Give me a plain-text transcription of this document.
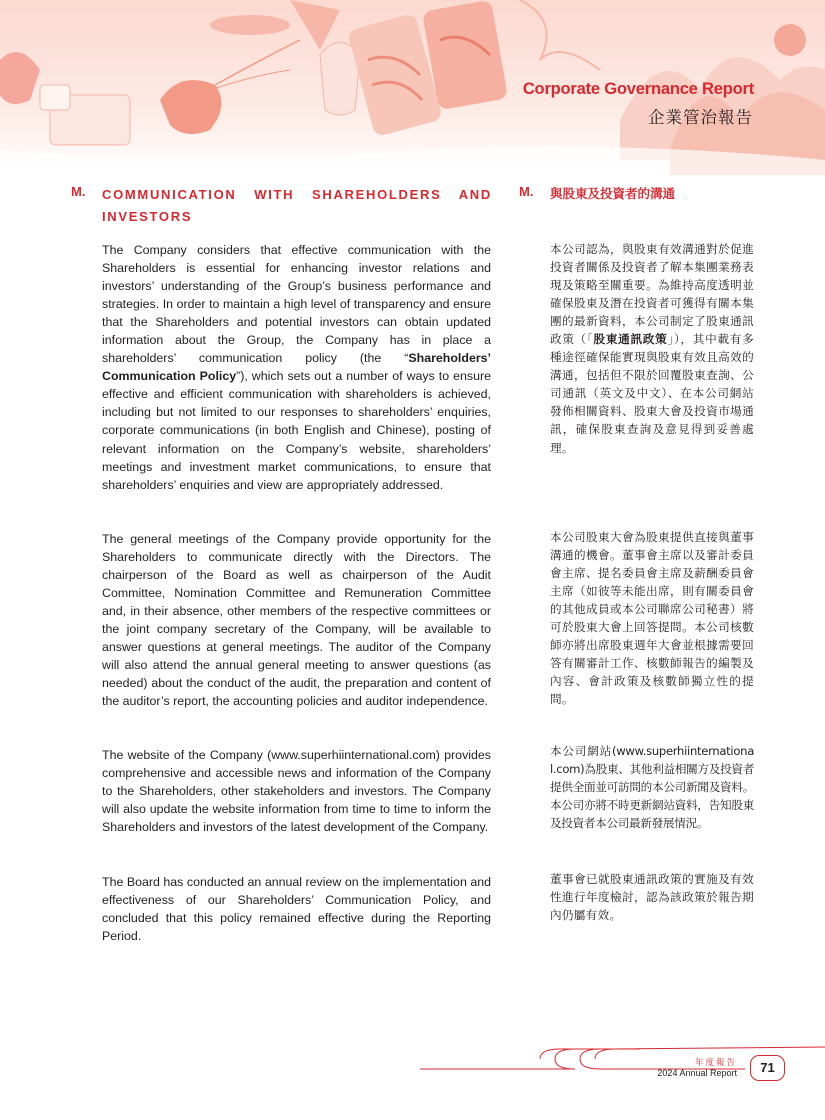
Corporate Governance Report
企業管治報告
M. COMMUNICATION WITH SHAREHOLDERS AND INVESTORS
M. 與股東及投資者的溝通
The Company considers that effective communication with the Shareholders is essential for enhancing investor relations and investors’ understanding of the Group’s business performance and strategies. In order to maintain a high level of transparency and ensure that the Shareholders and potential investors can obtain updated information about the Group, the Company has in place a shareholders’ communication policy (the “Shareholders’ Communication Policy”), which sets out a number of ways to ensure effective and efficient communication with shareholders is achieved, including but not limited to our responses to shareholders’ enquiries, corporate communications (in both English and Chinese), posting of relevant information on the Company’s website, shareholders’ meetings and investment market communications, to ensure that shareholders’ enquiries and view are appropriately addressed.
The general meetings of the Company provide opportunity for the Shareholders to communicate directly with the Directors. The chairperson of the Board as well as chairperson of the Audit Committee, Nomination Committee and Remuneration Committee and, in their absence, other members of the respective committees or the joint company secretary of the Company, will be available to answer questions at general meetings. The auditor of the Company will also attend the annual general meeting to answer questions (as needed) about the conduct of the audit, the preparation and content of the auditor’s report, the accounting policies and auditor independence.
The website of the Company (www.superhiinternational.com) provides comprehensive and accessible news and information of the Company to the Shareholders, other stakeholders and investors. The Company will also update the website information from time to time to inform the Shareholders and investors of the latest development of the Company.
The Board has conducted an annual review on the implementation and effectiveness of our Shareholders’ Communication Policy, and concluded that this policy remained effective during the Reporting Period.
本公司認為，與股東有效溝通對於促進投資者關係及投資者了解本集團業務表現及策略至關重要。為維持高度透明並確保股東及潛在投資者可獲得有關本集團的最新資料，本公司制定了股東通訊政策（「股東通訊政策」），其中載有多種途徑確保能實現與股東有效且高效的溝通，包括但不限於回覆股東查詢、公司通訊（英文及中文）、在本公司網站發佈相關資料、股東大會及投資市場通訊，確保股東查詢及意見得到妥善處理。
本公司股東大會為股東提供直接與董事溝通的機會。董事會主席以及審計委員會主席、提名委員會主席及薪酬委員會主席（如彼等未能出席，則有關委員會的其他成員或本公司聯席公司秘書）將可於股東大會上回答提問。本公司核數師亦將出席股東週年大會並根據需要回答有關審計工作、核數師報告的編製及內容、會計政策及核數師獨立性的提問。
本公司網站(www.superhiinternational.com)為股東、其他利益相關方及投資者提供全面並可訪問的本公司新聞及資料。本公司亦將不時更新網站資料，告知股東及投資者本公司最新發展情況。
董事會已就股東通訊政策的實施及有效性進行年度檢討，認為該政策於報告期內仍屬有效。
年度報告
2024 Annual Report	71
